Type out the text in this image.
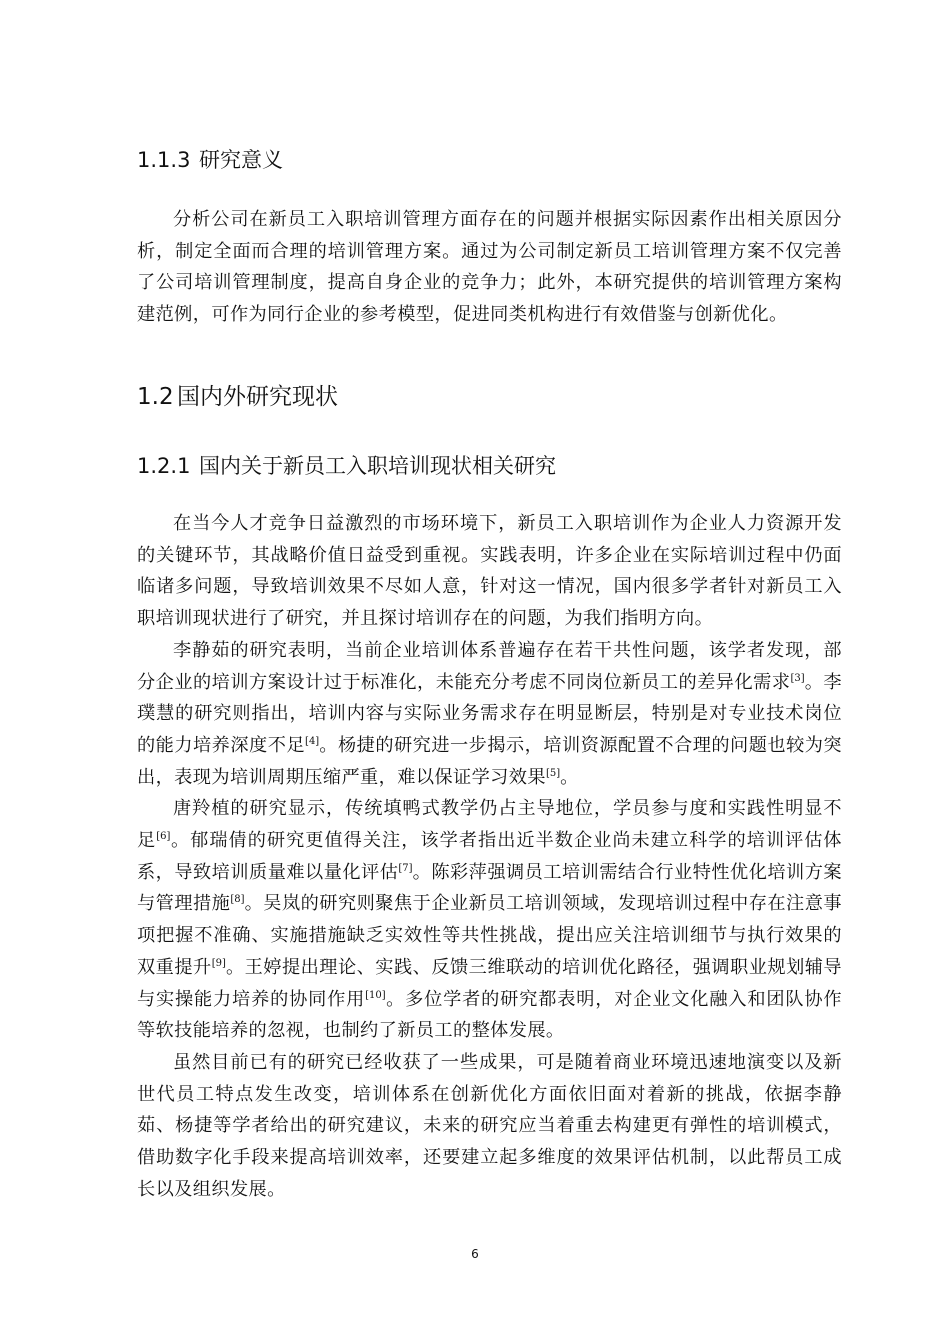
1.1.3 研究意义

分析公司在新员工入职培训管理方面存在的问题并根据实际因素作出相关原因分析，制定全面而合理的培训管理方案。通过为公司制定新员工培训管理方案不仅完善了公司培训管理制度，提高自身企业的竞争力；此外，本研究提供的培训管理方案构建范例，可作为同行企业的参考模型，促进同类机构进行有效借鉴与创新优化。

1.2 国内外研究现状
1.2.1 国内关于新员工入职培训现状相关研究

在当今人才竞争日益激烈的市场环境下，新员工入职培训作为企业人力资源开发的关键环节，其战略价值日益受到重视。实践表明，许多企业在实际培训过程中仍面临诸多问题，导致培训效果不尽如人意，针对这一情况，国内很多学者针对新员工入职培训现状进行了研究，并且探讨培训存在的问题，为我们指明方向。

李静茹的研究表明，当前企业培训体系普遍存在若干共性问题，该学者发现，部分企业的培训方案设计过于标准化，未能充分考虑不同岗位新员工的差异化需求[3]。李璞慧的研究则指出，培训内容与实际业务需求存在明显断层，特别是对专业技术岗位的能力培养深度不足[4]。杨捷的研究进一步揭示，培训资源配置不合理的问题也较为突出，表现为培训周期压缩严重，难以保证学习效果[5]。

唐羚植的研究显示，传统填鸭式教学仍占主导地位，学员参与度和实践性明显不足[6]。郁瑞倩的研究更值得关注，该学者指出近半数企业尚未建立科学的培训评估体系，导致培训质量难以量化评估[7]。陈彩萍强调员工培训需结合行业特性优化培训方案与管理措施[8]。吴岚的研究则聚焦于企业新员工培训领域，发现培训过程中存在注意事项把握不准确、实施措施缺乏实效性等共性挑战，提出应关注培训细节与执行效果的双重提升[9]。王婷提出理论、实践、反馈三维联动的培训优化路径，强调职业规划辅导与实操能力培养的协同作用[10]。多位学者的研究都表明，对企业文化融入和团队协作等软技能培养的忽视，也制约了新员工的整体发展。

虽然目前已有的研究已经收获了一些成果，可是随着商业环境迅速地演变以及新世代员工特点发生改变，培训体系在创新优化方面依旧面对着新的挑战，依据李静茹、杨捷等学者给出的研究建议，未来的研究应当着重去构建更有弹性的培训模式，借助数字化手段来提高培训效率，还要建立起多维度的效果评估机制，以此帮员工成长以及组织发展。

6
